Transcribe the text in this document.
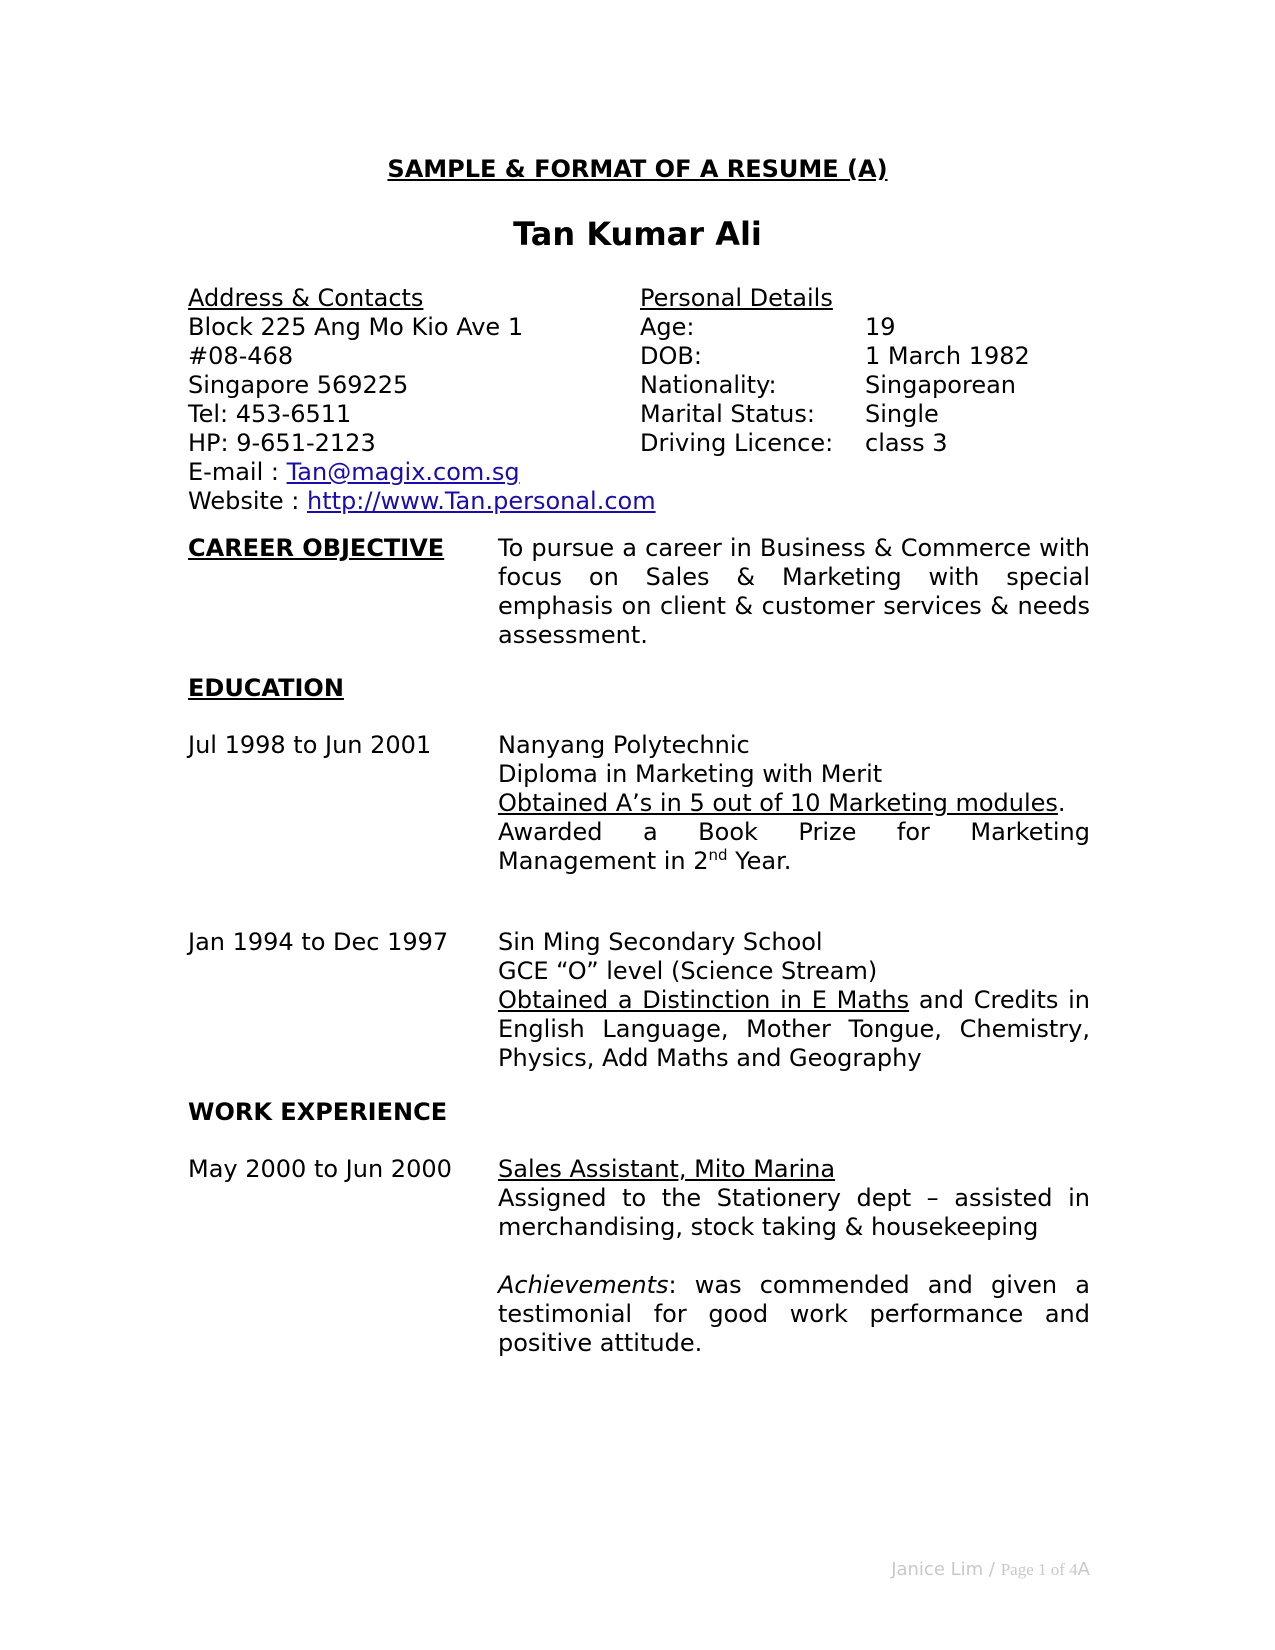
SAMPLE & FORMAT OF A RESUME (A)
Tan Kumar Ali
Address & Contacts
Block 225 Ang Mo Kio Ave 1
#08-468
Singapore 569225
Tel: 453-6511
HP: 9-651-2123
E-mail : Tan@magix.com.sg
Website : http://www.Tan.personal.com
Personal Details
Age:	19
DOB:	1 March 1982
Nationality:	Singaporean
Marital Status:	Single
Driving Licence:	class 3
CAREER OBJECTIVE To pursue a career in Business & Commerce with focus on Sales & Marketing with special emphasis on client & customer services & needs assessment.
EDUCATION
Jul 1998 to Jun 2001	Nanyang Polytechnic

Diploma in Marketing with Merit

Obtained A’s in 5 out of 10 Marketing modules.

Awarded a Book Prize for Marketing Management in 2nd Year.

Jan 1994 to Dec 1997 Sin Ming Secondary School

GCE “O” level (Science Stream)

Obtained a Distinction in E Maths and Credits in English Language, Mother Tongue, Chemistry, Physics, Add Maths and Geography

WORK EXPERIENCE
May 2000 to Jun 2000 Sales Assistant, Mito Marina

Assigned to the Stationery dept – assisted in merchandising, stock taking & housekeeping

Achievements: was commended and given a testimonial for good work performance and positive attitude.

Janice Lim / Page 1 of 4A
